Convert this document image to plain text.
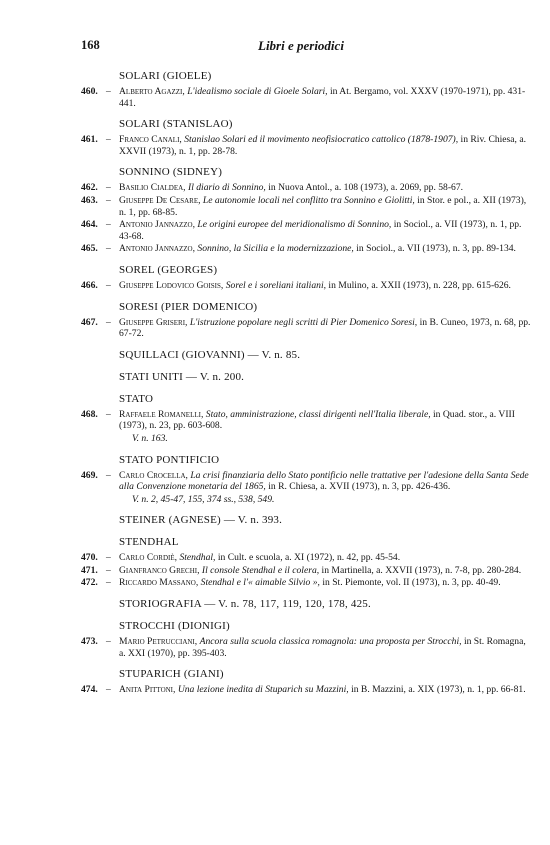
168	Libri e periodici
SOLARI (GIOELE)
460. – Alberto Agazzi, L'idealismo sociale di Gioele Solari, in At. Bergamo, vol. XXXV (1970-1971), pp. 431-441.
SOLARI (STANISLAO)
461. – Franco Canali, Stanislao Solari ed il movimento neofisiocratico cattolico (1878-1907), in Riv. Chiesa, a. XXVII (1973), n. 1, pp. 28-78.
SONNINO (SIDNEY)
462. – Basilio Cialdea, Il diario di Sonnino, in Nuova Antol., a. 108 (1973), a. 2069, pp. 58-67.
463. – Giuseppe De Cesare, Le autonomie locali nel conflitto tra Sonnino e Giolitti, in Stor. e pol., a. XII (1973), n. 1, pp. 68-85.
464. – Antonio Jannazzo, Le origini europee del meridionalismo di Sonnino, in Sociol., a. VII (1973), n. 1, pp. 43-68.
465. – Antonio Jannazzo, Sonnino, la Sicilia e la modernizzazione, in Sociol., a. VII (1973), n. 3, pp. 89-134.
SOREL (GEORGES)
466. – Giuseppe Lodovico Goisis, Sorel e i soreliani italiani, in Mulino, a. XXII (1973), n. 228, pp. 615-626.
SORESI (PIER DOMENICO)
467. – Giuseppe Griseri, L'istruzione popolare negli scritti di Pier Domenico Soresi, in B. Cuneo, 1973, n. 68, pp. 67-72.
SQUILLACI (GIOVANNI) — V. n. 85.
STATI UNITI — V. n. 200.
STATO
468. – Raffaele Romanelli, Stato, amministrazione, classi dirigenti nell'Italia liberale, in Quad. stor., a. VIII (1973), n. 23, pp. 603-608.
V. n. 163.
STATO PONTIFICIO
469. – Carlo Crocella, La crisi finanziaria dello Stato pontificio nelle trattative per l'adesione della Santa Sede alla Convenzione monetaria del 1865, in R. Chiesa, a. XVII (1973), n. 3, pp. 426-436.
V. n. 2, 45-47, 155, 374 ss., 538, 549.
STEINER (AGNESE) — V. n. 393.
STENDHAL
470. – Carlo Cordiè, Stendhal, in Cult. e scuola, a. XI (1972), n. 42, pp. 45-54.
471. – Gianfranco Grechi, Il console Stendhal e il colera, in Martinella, a. XXVII (1973), n. 7-8, pp. 280-284.
472. – Riccardo Massano, Stendhal e l'« aimable Silvio », in St. Piemonte, vol. II (1973), n. 3, pp. 40-49.
STORIOGRAFIA — V. n. 78, 117, 119, 120, 178, 425.
STROCCHI (DIONIGI)
473. – Mario Petrucciani, Ancora sulla scuola classica romagnola: una proposta per Strocchi, in St. Romagna, a. XXI (1970), pp. 395-403.
STUPARICH (GIANI)
474. – Anita Pittoni, Una lezione inedita di Stuparich su Mazzini, in B. Mazzini, a. XIX (1973), n. 1, pp. 66-81.
